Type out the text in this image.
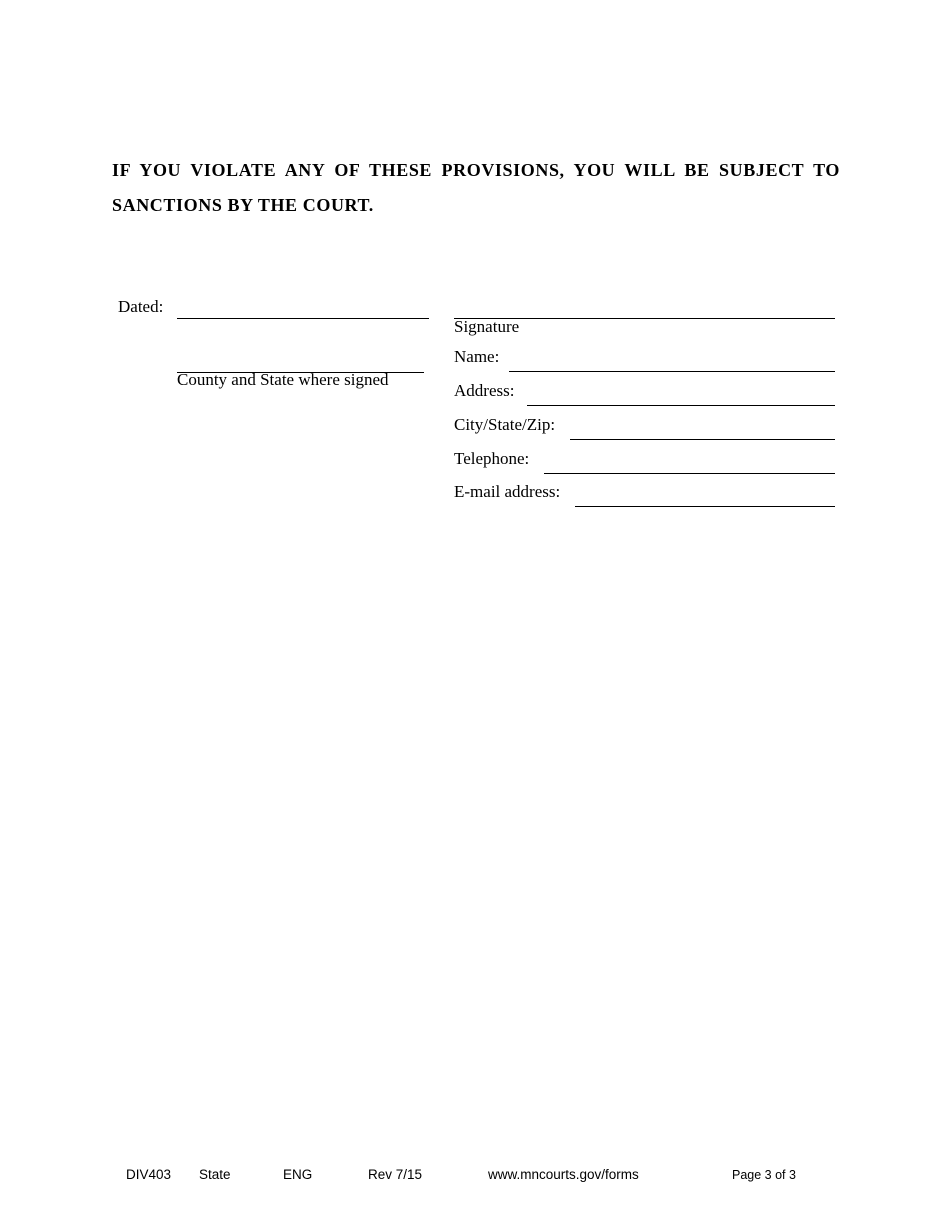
IF YOU VIOLATE ANY OF THESE PROVISIONS, YOU WILL BE SUBJECT TO SANCTIONS BY THE COURT.
Dated:
County and State where signed
Signature
Name:
Address:
City/State/Zip:
Telephone:
E-mail address:
DIV403 State	ENG	Rev 7/15	www.mncourts.gov/forms	Page 3 of 3
